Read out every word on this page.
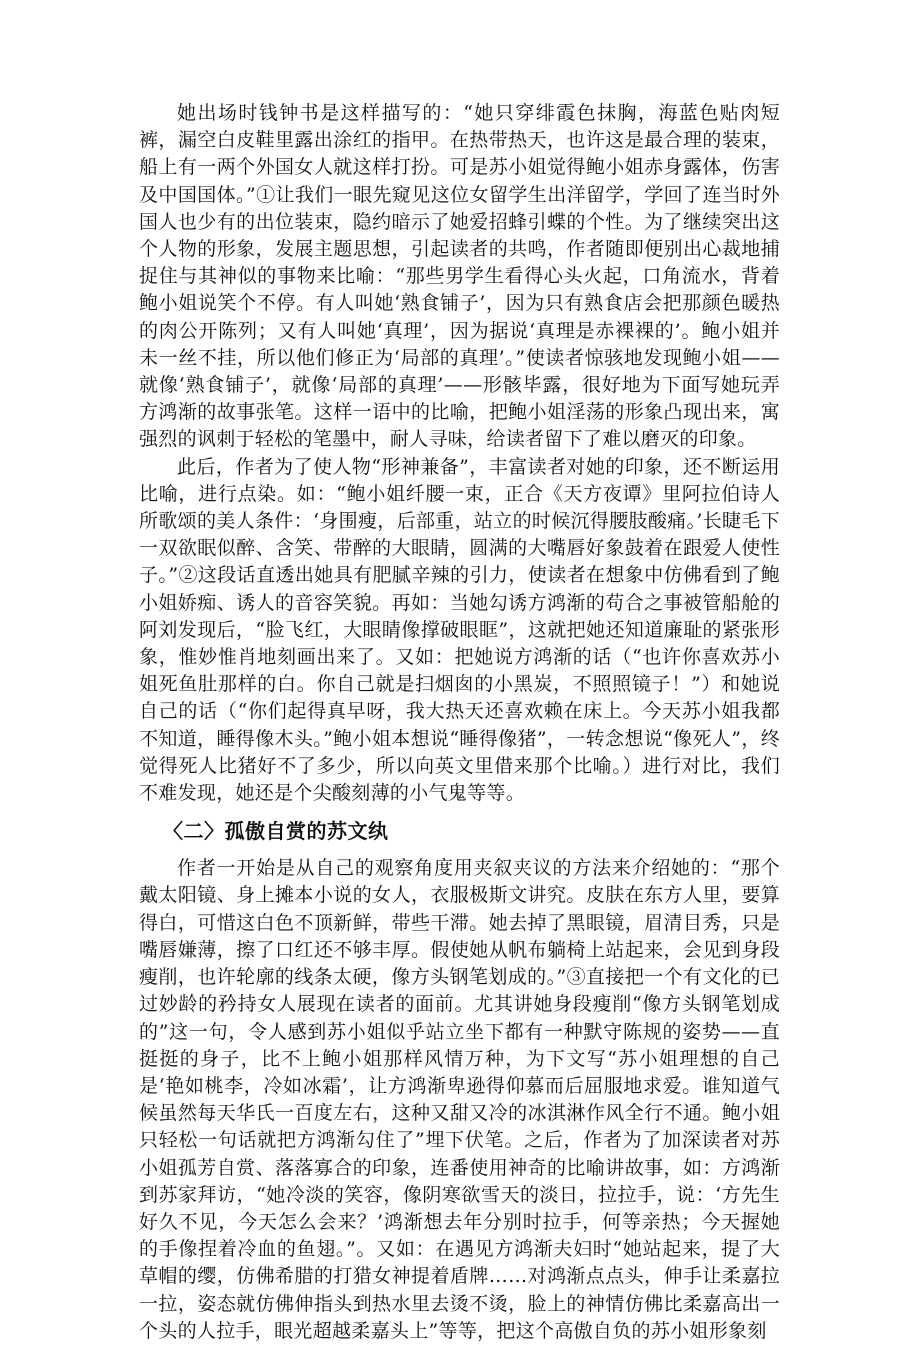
她出场时钱钟书是这样描写的：“她只穿绯霞色抹胸，海蓝色贴肉短裤，漏空白皮鞋里露出涂红的指甲。在热带热天，也许这是最合理的装束，船上有一两个外国女人就这样打扮。可是苏小姐觉得鲍小姐赤身露体，伤害及中国国体。”①让我们一眼先窥见这位女留学生出洋留学，学回了连当时外国人也少有的出位装束，隐约暗示了她爱招蜂引蝶的个性。为了继续突出这个人物的形象，发展主题思想，引起读者的共鸣，作者随即便别出心裁地捕捉住与其神似的事物来比喻：“那些男学生看得心头火起，口角流水，背着鲍小姐说笑个不停。有人叫她‘熟食铺子’，因为只有熟食店会把那颜色暖热的肉公开陈列；又有人叫她‘真理’，因为据说‘真理是赤裸裸的’。鲍小姐并未一丝不挂，所以他们修正为‘局部的真理’。”使读者惊骇地发现鲍小姐——就像‘熟食铺子’，就像‘局部的真理’——形骸毕露，很好地为下面写她玩弄方鸿渐的故事张笔。这样一语中的比喻，把鲍小姐淫荡的形象凸现出来，寓强烈的讽刺于轻松的笔墨中，耐人寻味，给读者留下了难以磨灭的印象。

此后，作者为了使人物“形神兼备”，丰富读者对她的印象，还不断运用比喻，进行点染。如：“鲍小姐纤腰一束，正合《天方夜谭》里阿拉伯诗人所歌颂的美人条件：‘身围瘦，后部重，站立的时候沉得腰肢酸痛。’长睫毛下一双欲眠似醉、含笑、带醉的大眼睛，圆满的大嘴唇好象鼓着在跟爱人使性子。”②这段话直透出她具有肥腻辛辣的引力，使读者在想象中仿佛看到了鲍小姐娇痴、诱人的音容笑貌。再如：当她勾诱方鸿渐的苟合之事被管船舱的阿刘发现后，“脸飞红，大眼睛像撑破眼眶”，这就把她还知道廉耻的紧张形象，惟妙惟肖地刻画出来了。又如：把她说方鸿渐的话（“也许你喜欢苏小姐死鱼肚那样的白。你自己就是扫烟囱的小黑炭，不照照镜子！”）和她说自己的话（“你们起得真早呀，我大热天还喜欢赖在床上。今天苏小姐我都不知道，睡得像木头。”鲍小姐本想说“睡得像猪”，一转念想说“像死人”，终觉得死人比猪好不了多少，所以向英文里借来那个比喻。）进行对比，我们不难发现，她还是个尖酸刻薄的小气鬼等等。

〈二〉孤傲自赏的苏文纨

作者一开始是从自己的观察角度用夹叙夹议的方法来介绍她的：“那个戴太阳镜、身上摊本小说的女人，衣服极斯文讲究。皮肤在东方人里，要算得白，可惜这白色不顶新鲜，带些干滞。她去掉了黑眼镜，眉清目秀，只是嘴唇嫌薄，擦了口红还不够丰厚。假使她从帆布躺椅上站起来，会见到身段瘦削，也许轮廓的线条太硬，像方头钢笔划成的。”③直接把一个有文化的已过妙龄的矜持女人展现在读者的面前。尤其讲她身段瘦削“像方头钢笔划成的”这一句，令人感到苏小姐似乎站立坐下都有一种默守陈规的姿势——直挺挺的身子，比不上鲍小姐那样风情万种，为下文写“苏小姐理想的自己是‘艳如桃李，冷如冰霜’，让方鸿渐卑逊得仰慕而后屈服地求爱。谁知道气候虽然每天华氏一百度左右，这种又甜又冷的冰淇淋作风全行不通。鲍小姐只轻松一句话就把方鸿渐勾住了”埋下伏笔。之后，作者为了加深读者对苏小姐孤芳自赏、落落寡合的印象，连番使用神奇的比喻讲故事，如：方鸿渐到苏家拜访，“她冷淡的笑容，像阴寒欲雪天的淡日，拉拉手，说：‘方先生好久不见，今天怎么会来？’鸿渐想去年分别时拉手，何等亲热；今天握她的手像捏着冷血的鱼翅。”。又如：在遇见方鸿渐夫妇时“她站起来，提了大草帽的缨，仿佛希腊的打猎女神提着盾牌……对鸿渐点点头，伸手让柔嘉拉一拉，姿态就仿佛伸指头到热水里去烫不烫，脸上的神情仿佛比柔嘉高出一个头的人拉手，眼光超越柔嘉头上”等等，把这个高傲自负的苏小姐形象刻
